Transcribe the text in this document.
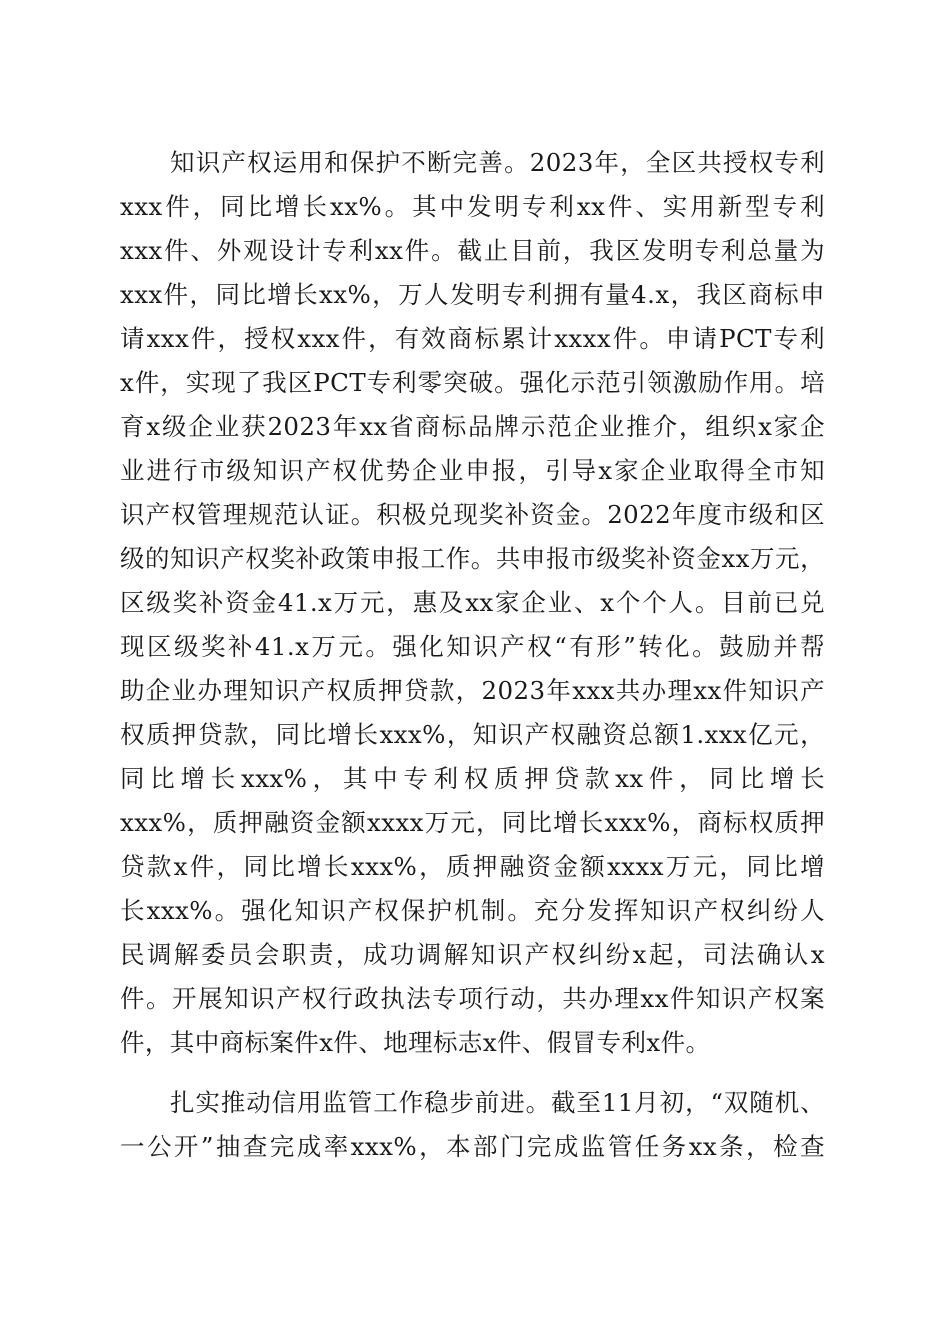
知识产权运用和保护不断完善。2023年，全区共授权专利
xxx件，同比增长xx%。其中发明专利xx件、实用新型专利
xxx件、外观设计专利xx件。截止目前，我区发明专利总量为
xxx件，同比增长xx%，万人发明专利拥有量4.x，我区商标申
请xxx件，授权xxx件，有效商标累计xxxx件。申请PCT专利
x件，实现了我区PCT专利零突破。强化示范引领激励作用。培
育x级企业获2023年xx省商标品牌示范企业推介，组织x家企
业进行市级知识产权优势企业申报，引导x家企业取得全市知
识产权管理规范认证。积极兑现奖补资金。2022年度市级和区
级的知识产权奖补政策申报工作。共申报市级奖补资金xx万元，
区级奖补资金41.x万元，惠及xx家企业、x个个人。目前已兑
现区级奖补41.x万元。强化知识产权“有形”转化。鼓励并帮
助企业办理知识产权质押贷款，2023年xxx共办理xx件知识产
权质押贷款，同比增长xxx%，知识产权融资总额1.xxx亿元，
同比增长xxx%，其中专利权质押贷款xx件，同比增长
xxx%，质押融资金额xxxx万元，同比增长xxx%，商标权质押
贷款x件，同比增长xxx%，质押融资金额xxxx万元，同比增
长xxx%。强化知识产权保护机制。充分发挥知识产权纠纷人
民调解委员会职责，成功调解知识产权纠纷x起，司法确认x
件。开展知识产权行政执法专项行动，共办理xx件知识产权案
件，其中商标案件x件、地理标志x件、假冒专利x件。
扎实推动信用监管工作稳步前进。截至11月初，“双随机、
一公开”抽查完成率xxx%，本部门完成监管任务xx条，检查
